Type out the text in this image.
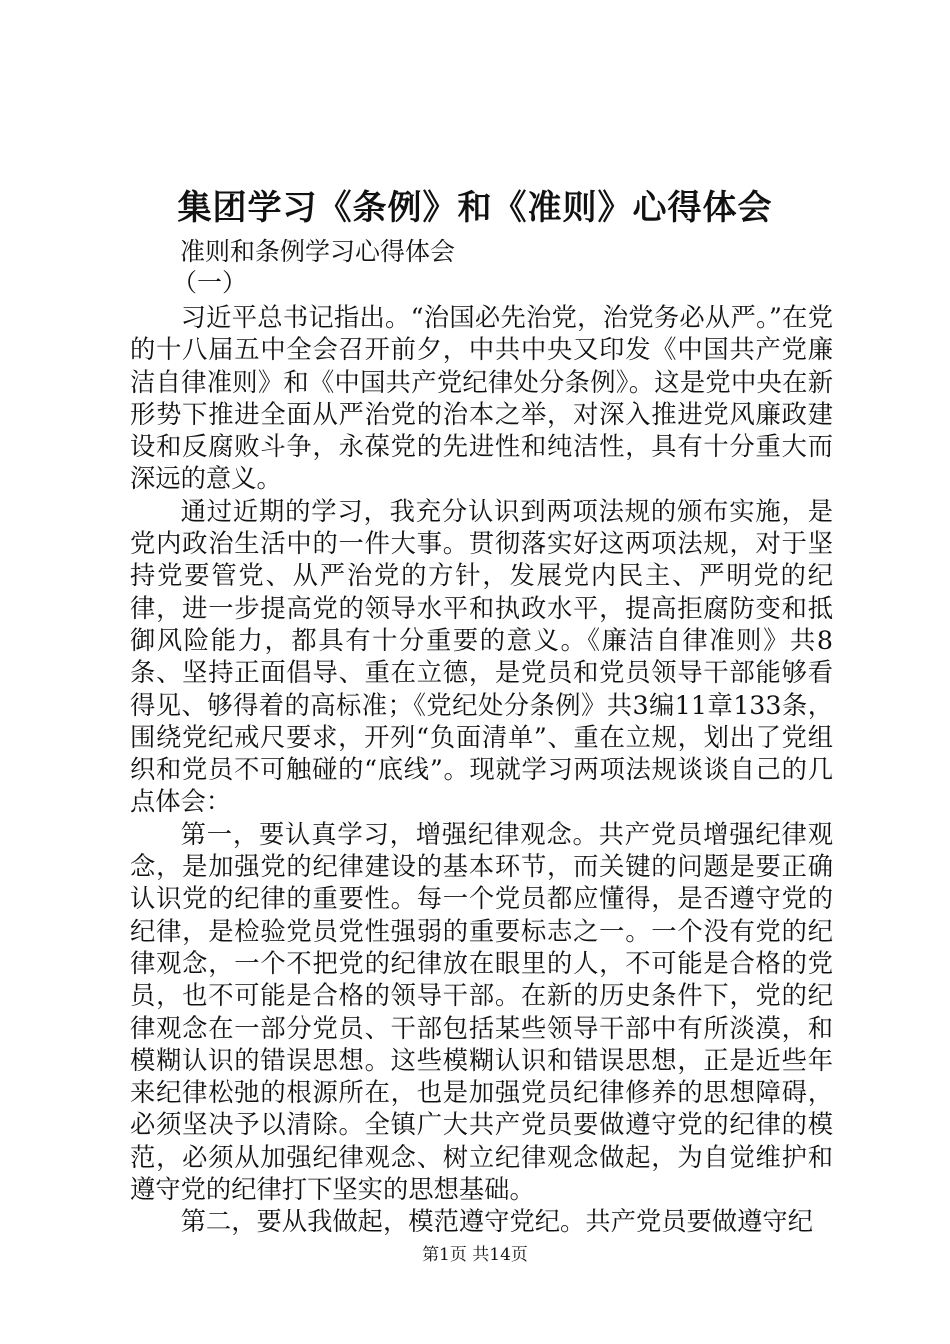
集团学习《条例》和《准则》心得体会

准则和条例学习心得体会

（一）

习近平总书记指出。“治国必先治党，治党务必从严。”在党的十八届五中全会召开前夕，中共中央又印发《中国共产党廉洁自律准则》和《中国共产党纪律处分条例》。这是党中央在新形势下推进全面从严治党的治本之举，对深入推进党风廉政建设和反腐败斗争，永葆党的先进性和纯洁性，具有十分重大而深远的意义。

通过近期的学习，我充分认识到两项法规的颁布实施，是党内政治生活中的一件大事。贯彻落实好这两项法规，对于坚持党要管党、从严治党的方针，发展党内民主、严明党的纪律，进一步提高党的领导水平和执政水平，提高拒腐防变和抵御风险能力，都具有十分重要的意义。《廉洁自律准则》共8条、坚持正面倡导、重在立德，是党员和党员领导干部能够看得见、够得着的高标准；《党纪处分条例》共3编11章133条，围绕党纪戒尺要求，开列“负面清单”、重在立规，划出了党组织和党员不可触碰的“底线”。现就学习两项法规谈谈自己的几点体会：

第一，要认真学习，增强纪律观念。共产党员增强纪律观念，是加强党的纪律建设的基本环节，而关键的问题是要正确认识党的纪律的重要性。每一个党员都应懂得，是否遵守党的纪律，是检验党员党性强弱的重要标志之一。一个没有党的纪律观念，一个不把党的纪律放在眼里的人，不可能是合格的党员，也不可能是合格的领导干部。在新的历史条件下，党的纪律观念在一部分党员、干部包括某些领导干部中有所淡漠，和模糊认识的错误思想。这些模糊认识和错误思想，正是近些年来纪律松弛的根源所在，也是加强党员纪律修养的思想障碍，必须坚决予以清除。全镇广大共产党员要做遵守党的纪律的模范，必须从加强纪律观念、树立纪律观念做起，为自觉维护和遵守党的纪律打下坚实的思想基础。

第二，要从我做起，模范遵守党纪。共产党员要做遵守纪

第1页 共14页
